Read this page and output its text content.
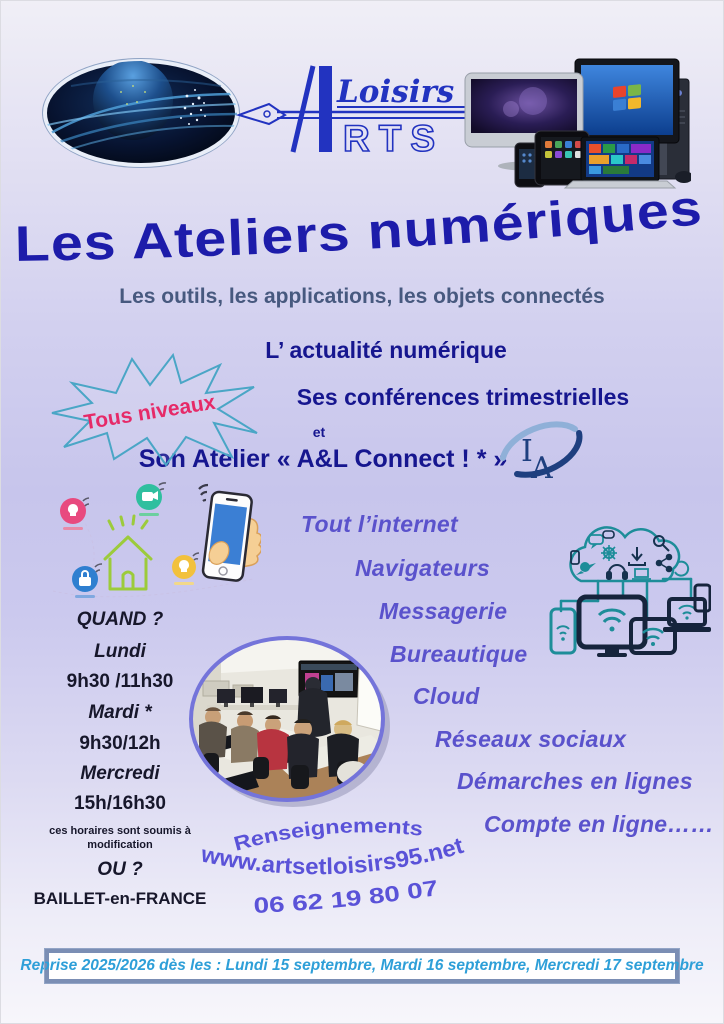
Loisirs
RTS
Les Ateliers numériques
Les outils, les applications, les objets connectés
L’ actualité numérique
Ses conférences trimestrielles
et
Son Atelier « A&L Connect ! * »
Tous niveaux
I
A
Tout l’internet
Navigateurs
Messagerie
Bureautique
Cloud
Réseaux sociaux
Démarches en lignes
Compte en ligne……
QUAND ?
Lundi
9h30 /11h30
Mardi *
9h30/12h
Mercredi
15h/16h30
ces horaires sont soumis à
modification
OU ?
BAILLET-en-FRANCE
Renseignements
www.artsetloisirs95.net
06 62 19 80 07
Reprise 2025/2026 dès les : Lundi 15 septembre, Mardi 16 septembre, Mercredi 17 septembre
